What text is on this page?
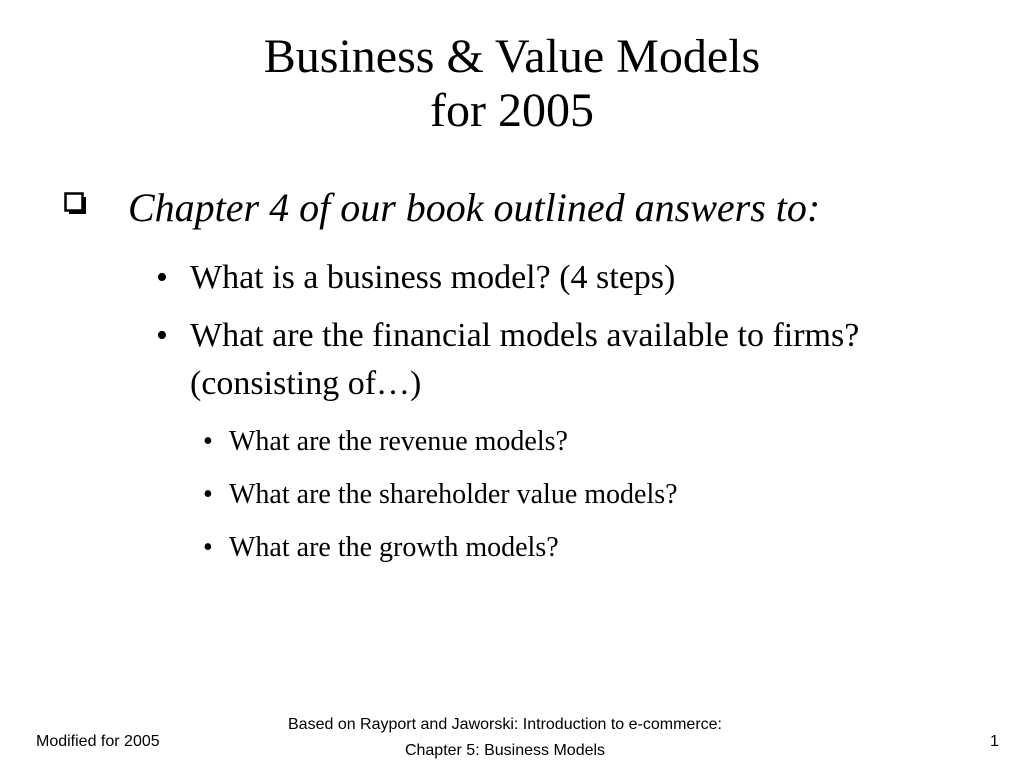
Business & Value Models
for 2005
Chapter 4 of our book outlined answers to:
• What is a business model? (4 steps)
• What are the financial models available to firms? (consisting of…)
• What are the revenue models?
• What are the shareholder value models?
• What are the growth models?
Modified for 2005
Based on Rayport and Jaworski: Introduction to e-commerce:
Chapter 5: Business Models
1
